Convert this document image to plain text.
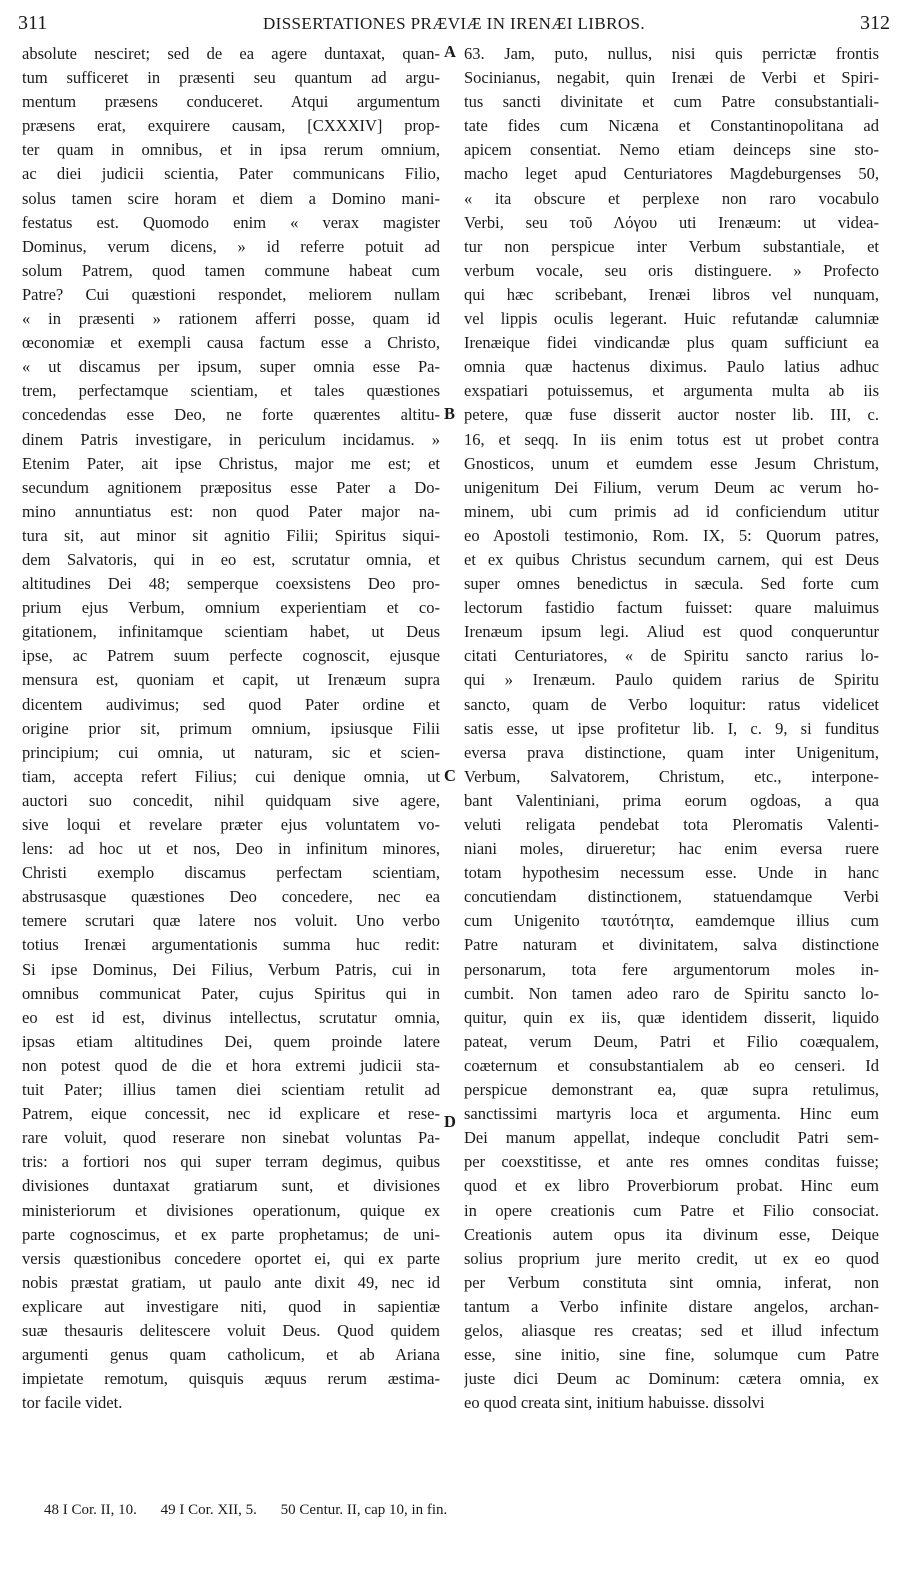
311	DISSERTATIONES PRÆVIÆ IN IRENÆI LIBROS.	312
absolute nesciret; sed de ea agere duntaxat, quan-
tum sufficeret in præsenti seu quantum ad argu-
mentum præsens conduceret. Atqui argumentum
præsens erat, exquirere causam, [CXXXIV] prop-
ter quam in omnibus, et in ipsa rerum omnium,
ac diei judicii scientia, Pater communicans Filio,
solus tamen scire horam et diem a Domino mani-
festatus est. Quomodo enim « verax magister
Dominus, verum dicens, » id referre potuit ad
solum Patrem, quod tamen commune habeat cum
Patre? Cui quæstioni respondet, meliorem nullam
« in præsenti » rationem afferri posse, quam id
œconomiæ et exempli causa factum esse a Christo,
« ut discamus per ipsum, super omnia esse Pa-
trem, perfectamque scientiam, et tales quæstiones
concedendas esse Deo, ne forte quærentes altitu-
dinem Patris investigare, in periculum incidamus. »
Etenim Pater, ait ipse Christus, major me est; et
secundum agnitionem præpositus esse Pater a Do-
mino annuntiatus est: non quod Pater major na-
tura sit, aut minor sit agnitio Filii; Spiritus siqui-
dem Salvatoris, qui in eo est, scrutatur omnia, et
altitudines Dei 48; semperque coexsistens Deo pro-
prium ejus Verbum, omnium experientiam et co-
gitationem, infinitamque scientiam habet, ut Deus
ipse, ac Patrem suum perfecte cognoscit, ejusque
mensura est, quoniam et capit, ut Irenæum supra
dicentem audivimus; sed quod Pater ordine et
origine prior sit, primum omnium, ipsiusque Filii
principium; cui omnia, ut naturam, sic et scien-
tiam, accepta refert Filius; cui denique omnia, ut
auctori suo concedit, nihil quidquam sive agere,
sive loqui et revelare præter ejus voluntatem vo-
lens: ad hoc ut et nos, Deo in infinitum minores,
Christi exemplo discamus perfectam scientiam,
abstrusasque quæstiones Deo concedere, nec ea
temere scrutari quæ latere nos voluit. Uno verbo
totius Irenæi argumentationis summa huc redit:
Si ipse Dominus, Dei Filius, Verbum Patris, cui in
omnibus communicat Pater, cujus Spiritus qui in
eo est id est, divinus intellectus, scrutatur omnia,
ipsas etiam altitudines Dei, quem proinde latere
non potest quod de die et hora extremi judicii sta-
tuit Pater; illius tamen diei scientiam retulit ad
Patrem, eique concessit, nec id explicare et rese-
rare voluit, quod reserare non sinebat voluntas Pa-
tris: a fortiori nos qui super terram degimus, quibus
divisiones duntaxat gratiarum sunt, et divisiones
ministeriorum et divisiones operationum, quique ex
parte cognoscimus, et ex parte prophetamus; de uni-
versis quæstionibus concedere oportet ei, qui ex parte
nobis præstat gratiam, ut paulo ante dixit 49, nec id
explicare aut investigare niti, quod in sapientiæ
suæ thesauris delitescere voluit Deus. Quod quidem
argumenti genus quam catholicum, et ab Ariana
impietate remotum, quisquis æquus rerum æstima-
tor facile videt.
63. Jam, puto, nullus, nisi quis perrictæ frontis
Socinianus, negabit, quin Irenæi de Verbi et Spiri-
tus sancti divinitate et cum Patre consubstantiali-
tate fides cum Nicæna et Constantinopolitana ad
apicem consentiat. Nemo etiam deinceps sine sto-
macho leget apud Centuriatores Magdeburgenses 50,
« ita obscure et perplexe non raro vocabulo
Verbi, seu τοῦ Λόγου uti Irenæum: ut videa-
tur non perspicue inter Verbum substantiale, et
verbum vocale, seu oris distinguere. » Profecto
qui hæc scribebant, Irenæi libros vel nunquam,
vel lippis oculis legerant. Huic refutandæ calumniæ
Irenæique fidei vindicandæ plus quam sufficiunt ea
omnia quæ hactenus diximus. Paulo latius adhuc
exspatiari potuissemus, et argumenta multa ab iis
petere, quæ fuse disserit auctor noster lib. III, c.
16, et seqq. In iis enim totus est ut probet contra
Gnosticos, unum et eumdem esse Jesum Christum,
unigenitum Dei Filium, verum Deum ac verum ho-
minem, ubi cum primis ad id conficiendum utitur
eo Apostoli testimonio, Rom. IX, 5: Quorum patres,
et ex quibus Christus secundum carnem, qui est Deus
super omnes benedictus in sæcula. Sed forte cum
lectorum fastidio factum fuisset: quare maluimus
Irenæum ipsum legi. Aliud est quod conqueruntur
citati Centuriatores, « de Spiritu sancto rarius lo-
qui » Irenæum. Paulo quidem rarius de Spiritu
sancto, quam de Verbo loquitur: ratus videlicet
satis esse, ut ipse profitetur lib. I, c. 9, si funditus
eversa prava distinctione, quam inter Unigenitum,
Verbum, Salvatorem, Christum, etc., interpone-
bant Valentiniani, prima eorum ogdoas, a qua
veluti religata pendebat tota Pleromatis Valenti-
niani moles, dirueretur; hac enim eversa ruere
totam hypothesim necessum esse. Unde in hanc
concutiendam distinctionem, statuendamque Verbi
cum Unigenito ταυτότητα, eamdemque illius cum
Patre naturam et divinitatem, salva distinctione
personarum, tota fere argumentorum moles in-
cumbit. Non tamen adeo raro de Spiritu sancto lo-
quitur, quin ex iis, quæ identidem disserit, liquido
pateat, verum Deum, Patri et Filio coæqualem,
coæternum et consubstantialem ab eo censeri. Id
perspicue demonstrant ea, quæ supra retulimus,
sanctissimi martyris loca et argumenta. Hinc eum
Dei manum appellat, indeque concludit Patri sem-
per coexstitisse, et ante res omnes conditas fuisse;
quod et ex libro Proverbiorum probat. Hinc eum
in opere creationis cum Patre et Filio consociat.
Creationis autem opus ita divinum esse, Deique
solius proprium jure merito credit, ut ex eo quod
per Verbum constituta sint omnia, inferat, non
tantum a Verbo infinite distare angelos, archan-
gelos, aliasque res creatas; sed et illud infectum
esse, sine initio, sine fine, solumque cum Patre
juste dici Deum ac Dominum: cætera omnia, ex
eo quod creata sint, initium habuisse. dissolvi
A
B
C
D
48 I Cor. II, 10. 49 I Cor. XII, 5. 50 Centur. II, cap 10, in fin.
